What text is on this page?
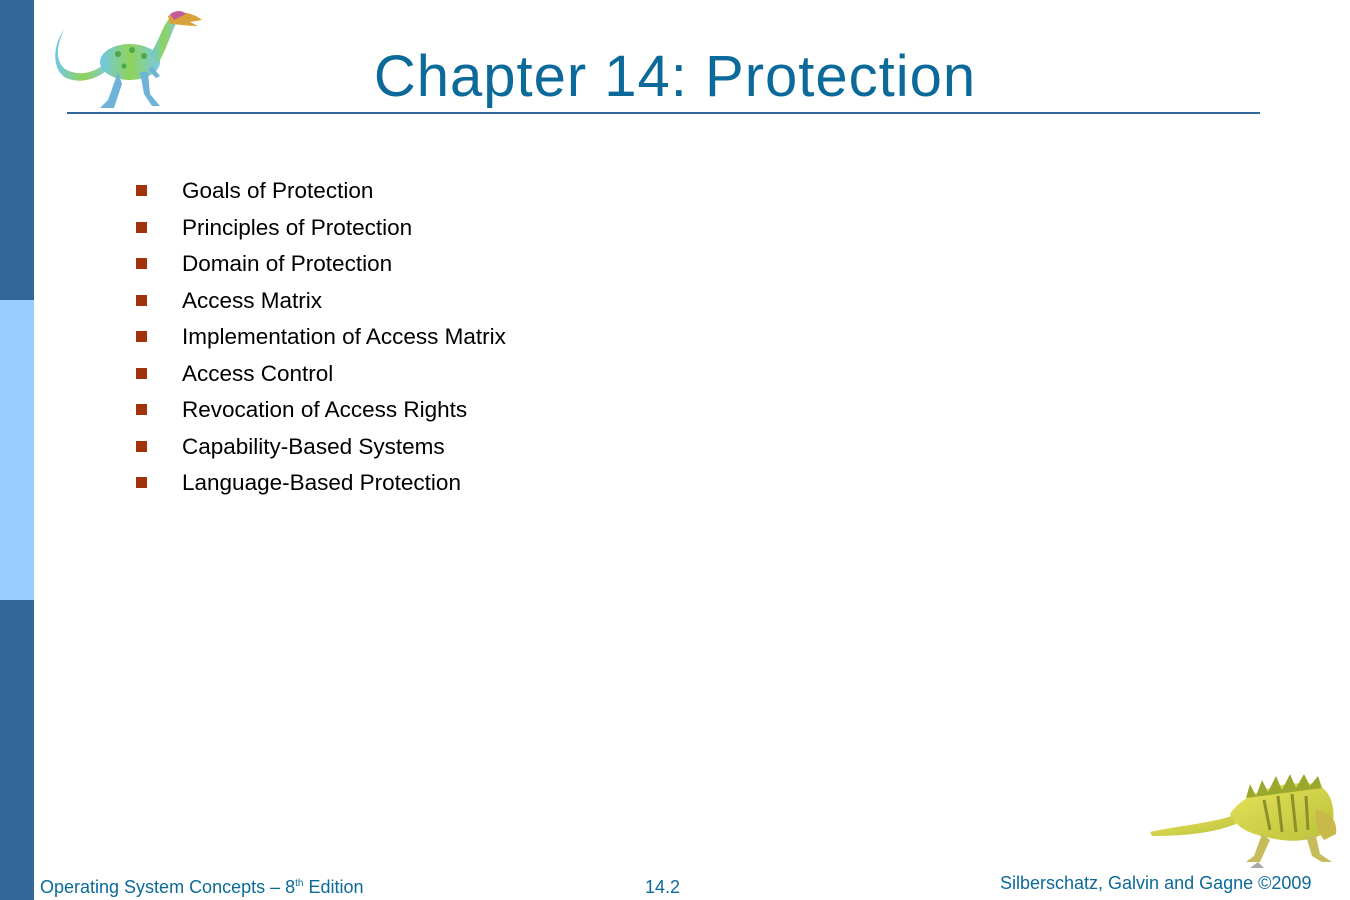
Chapter 14: Protection
Goals of Protection
Principles of Protection
Domain of Protection
Access Matrix
Implementation of Access Matrix
Access Control
Revocation of Access Rights
Capability-Based Systems
Language-Based Protection
Operating System Concepts – 8th Edition	14.2	Silberschatz, Galvin and Gagne ©2009
